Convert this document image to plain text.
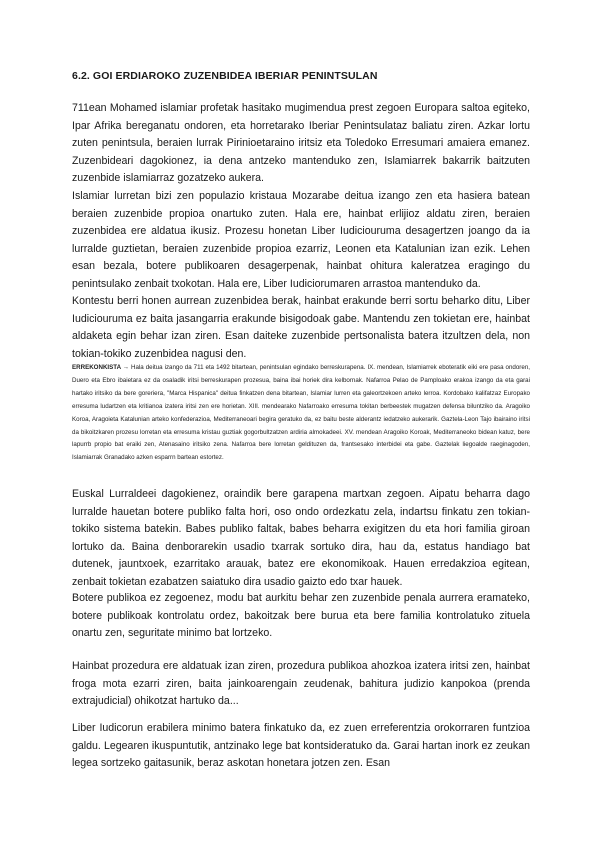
6.2. GOI ERDIAROKO ZUZENBIDEA IBERIAR PENINTSULAN

711ean Mohamed islamiar profetak hasitako mugimendua prest zegoen Europara saltoa egiteko, Ipar Afrika bereganatu ondoren, eta horretarako Iberiar Penintsulataz baliatu ziren. Azkar lortu zuten penintsula, beraien lurrak Pirinioetaraino iritsiz eta Toledoko Erresumari amaiera emanez. Zuzenbideari dagokionez, ia dena antzeko mantenduko zen, Islamiarrek bakarrik baitzuten zuzenbide islamiarraz gozatzeko aukera.

Islamiar lurretan bizi zen populazio kristaua Mozarabe deitua izango zen eta hasiera batean beraien zuzenbide propioa onartuko zuten. Hala ere, hainbat erlijioz aldatu ziren, beraien zuzenbidea ere aldatua ikusiz. Prozesu honetan Liber Iudiciouruma desagertzen joango da ia lurralde guztietan, beraien zuzenbide propioa ezarriz, Leonen eta Katalunian izan ezik. Lehen esan bezala, botere publikoaren desagerpenak, hainbat ohitura kaleratzea eragingo du penintsulako zenbait txokotan. Hala ere, Liber Iudiciorumaren arrastoa mantenduko da.

Kontestu berri honen aurrean zuzenbidea berak, hainbat erakunde berri sortu beharko ditu, Liber Iudiciouruma ez baita jasangarria erakunde bisigodoak gabe. Mantendu zen tokietan ere, hainbat aldaketa egin behar izan ziren. Esan daiteke zuzenbide pertsonalista batera itzultzen dela, non tokian-tokiko zuzenbidea nagusi den.

ERREKONKISTA → Hala deitua izango da 711 eta 1492 bitartean, penintsulan egindako berreskurapena. IX. mendean, Islamiarrek eboteratik eiki ere pasa ondoren, Duero eta Ebro ibaietara ez da osaladik iritsi berreskurapen prozesua, baina ibai horiek dira kelbornak. Nafarroa Pelao de Pamploako erakoa izango da eta garai hartako iritsiko da bere goreriera, "Marca Hispanica" deitua finkatzen dena bitartean, Islamiar lurren eta galeortzekoen arteko lerroa. Kordobako kalifatzaz Europako erresuma ludartzen eta kritianoa izatera iritsi zen ere horietan. XIII. mendearako Nafarroako erresuma tokitan berbeestek mugatzen defensa biluntziko da. Aragoiko Koroa, Aragoieta Katalunian arteko konfederazioa, Mediterraneoari begira geratuko da, ez baitu beste alderantz iedatzeko aukerarik. Gaztela-Leon Tajo ibairaino iritsi da bikoitzkaren prozesu lorretan eta erresuma kristau guztiak gogorbultzatzen ardiria almokadeei. XV. mendean Aragoiko Koroak, Mediterraneoko bidean katuz, bere lapurrb propio bat eraiki zen, Atenasaino iritsiko zena. Nafarroa bere lorretan geldituzen da, frantsesako interbidei eta gabe. Gaztelak liegoalde raeginagoden, Islamiarrak Granadako azken esparrn bartean estortez.

Euskal Lurraldeei dagokienez, oraindik bere garapena martxan zegoen. Aipatu beharra dago lurralde hauetan botere publiko falta hori, oso ondo ordezkatu zela, indartsu finkatu zen tokian-tokiko sistema batekin. Babes publiko faltak, babes beharra exigitzen du eta hori familia giroan lortuko da. Baina denborarekin usadio txarrak sortuko dira, hau da, estatus handiago bat dutenek, jauntxoek, ezarritako arauak, batez ere ekonomikoak. Hauen erredakzioa egitean, zenbait tokietan ezabatzen saiatuko dira usadio gaizto edo txar hauek.

Botere publikoa ez zegoenez, modu bat aurkitu behar zen zuzenbide penala aurrera eramateko, botere publikoak kontrolatu ordez, bakoitzak bere burua eta bere familia kontrolatuko zituela onartu zen, seguritate minimo bat lortzeko.

Hainbat prozedura ere aldatuak izan ziren, prozedura publikoa ahozkoa izatera iritsi zen, hainbat froga mota ezarri ziren, baita jainkoarengain zeudenak, bahitura judizio kanpokoa (prenda extrajudicial) ohikotzat hartuko da...

Liber Iudicorun erabilera minimo batera finkatuko da, ez zuen erreferentzia orokorraren funtzioa galdu. Legearen ikuspuntutik, antzinako lege bat kontsideratuko da. Garai hartan inork ez zeukan legea sortzeko gaitasunik, beraz askotan honetara jotzen zen. Esan
